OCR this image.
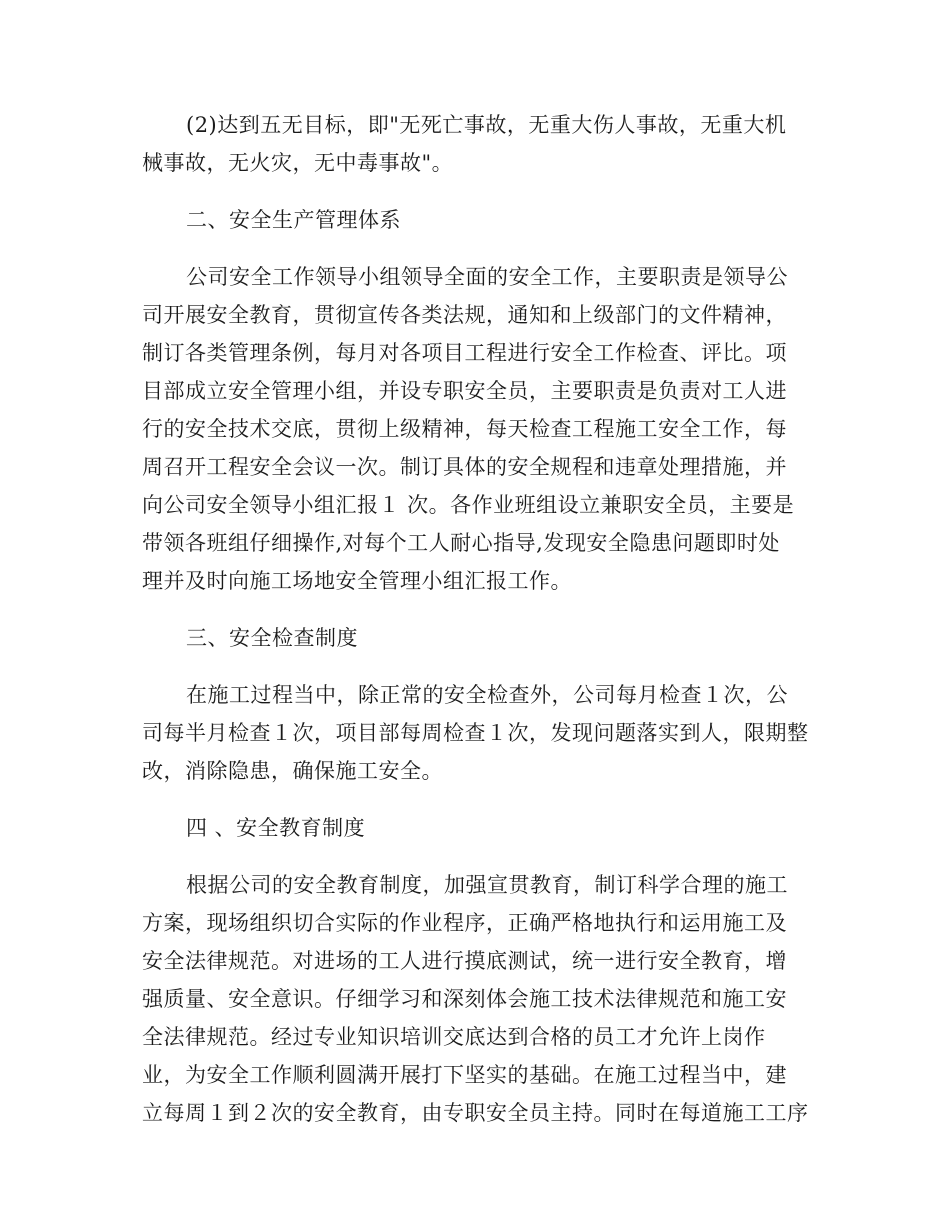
(2)达到五无目标，即"无死亡事故，无重大伤人事故，无重大机
械事故，无火灾，无中毒事故"。
二、安全生产管理体系
公司安全工作领导小组领导全面的安全工作，主要职责是领导公
司开展安全教育，贯彻宣传各类法规，通知和上级部门的文件精神，
制订各类管理条例，每月对各项目工程进行安全工作检查、评比。项
目部成立安全管理小组，并设专职安全员，主要职责是负责对工人进
行的安全技术交底，贯彻上级精神，每天检查工程施工安全工作，每
周召开工程安全会议一次。制订具体的安全规程和违章处理措施，并
向公司安全领导小组汇报１ 次。各作业班组设立兼职安全员，主要是
带领各班组仔细操作,对每个工人耐心指导,发现安全隐患问题即时处
理并及时向施工场地安全管理小组汇报工作。
三、安全检查制度
在施工过程当中，除正常的安全检查外，公司每月检查１次，公
司每半月检查１次，项目部每周检查１次，发现问题落实到人，限期整
改，消除隐患，确保施工安全。
四 、安全教育制度
根据公司的安全教育制度，加强宣贯教育，制订科学合理的施工
方案，现场组织切合实际的作业程序，正确严格地执行和运用施工及
安全法律规范。对进场的工人进行摸底测试，统一进行安全教育，增
强质量、安全意识。仔细学习和深刻体会施工技术法律规范和施工安
全法律规范。经过专业知识培训交底达到合格的员工才允许上岗作
业，为安全工作顺利圆满开展打下坚实的基础。在施工过程当中，建
立每周１到２次的安全教育，由专职安全员主持。同时在每道施工工序
